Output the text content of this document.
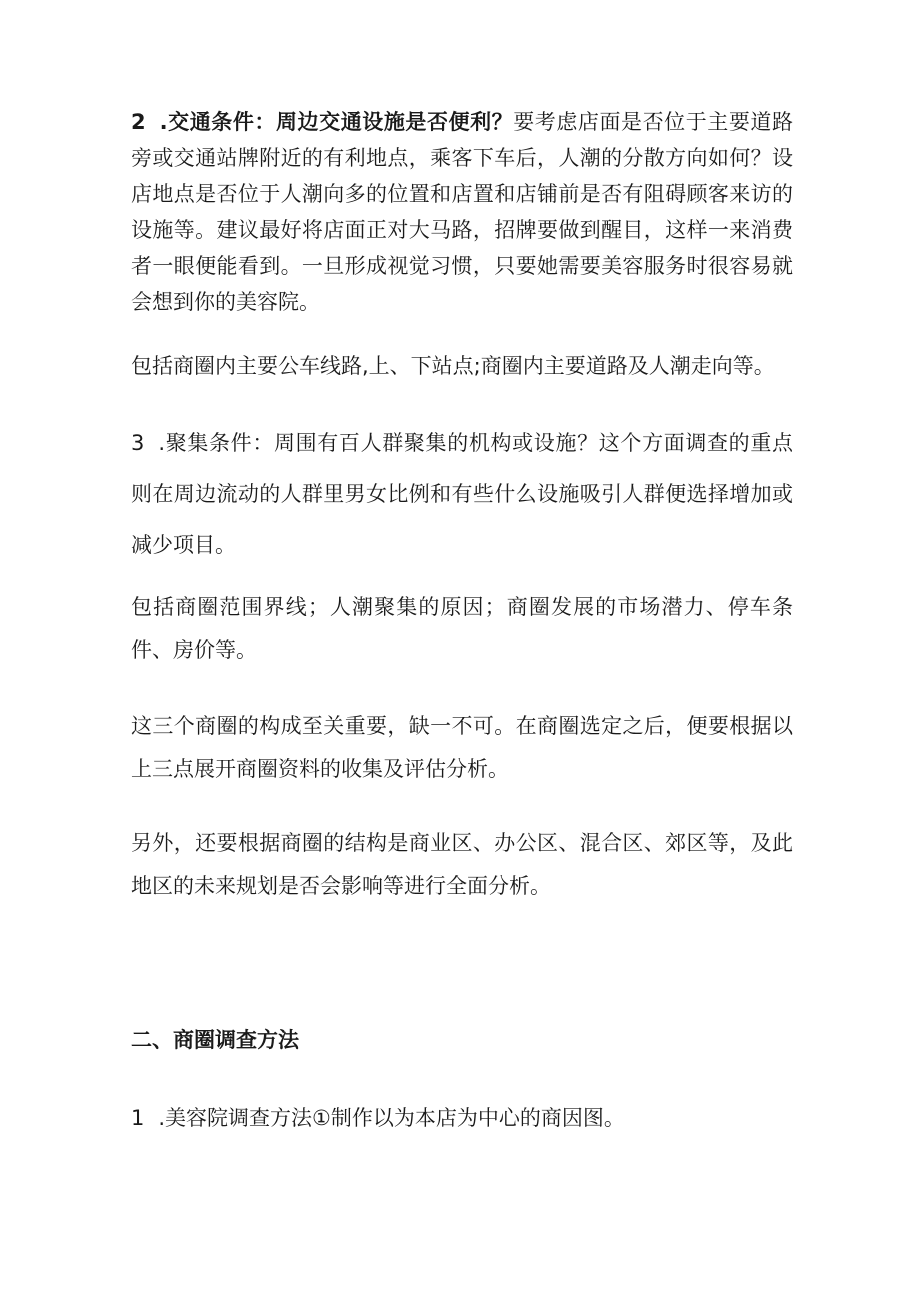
2 .交通条件：周边交通设施是否便利？要考虑店面是否位于主要道路旁或交通站牌附近的有利地点，乘客下车后，人潮的分散方向如何？设店地点是否位于人潮向多的位置和店置和店铺前是否有阻碍顾客来访的设施等。建议最好将店面正对大马路，招牌要做到醒目，这样一来消费者一眼便能看到。一旦形成视觉习惯，只要她需要美容服务时很容易就会想到你的美容院。

包括商圈内主要公车线路,上、下站点;商圈内主要道路及人潮走向等。

3 .聚集条件：周围有百人群聚集的机构或设施？这个方面调查的重点则在周边流动的人群里男女比例和有些什么设施吸引人群便选择增加或减少项目。

包括商圈范围界线；人潮聚集的原因；商圈发展的市场潜力、停车条件、房价等。

这三个商圈的构成至关重要，缺一不可。在商圈选定之后，便要根据以上三点展开商圈资料的收集及评估分析。

另外，还要根据商圈的结构是商业区、办公区、混合区、郊区等，及此地区的未来规划是否会影响等进行全面分析。

二、商圈调查方法

1 .美容院调查方法①制作以为本店为中心的商因图。
